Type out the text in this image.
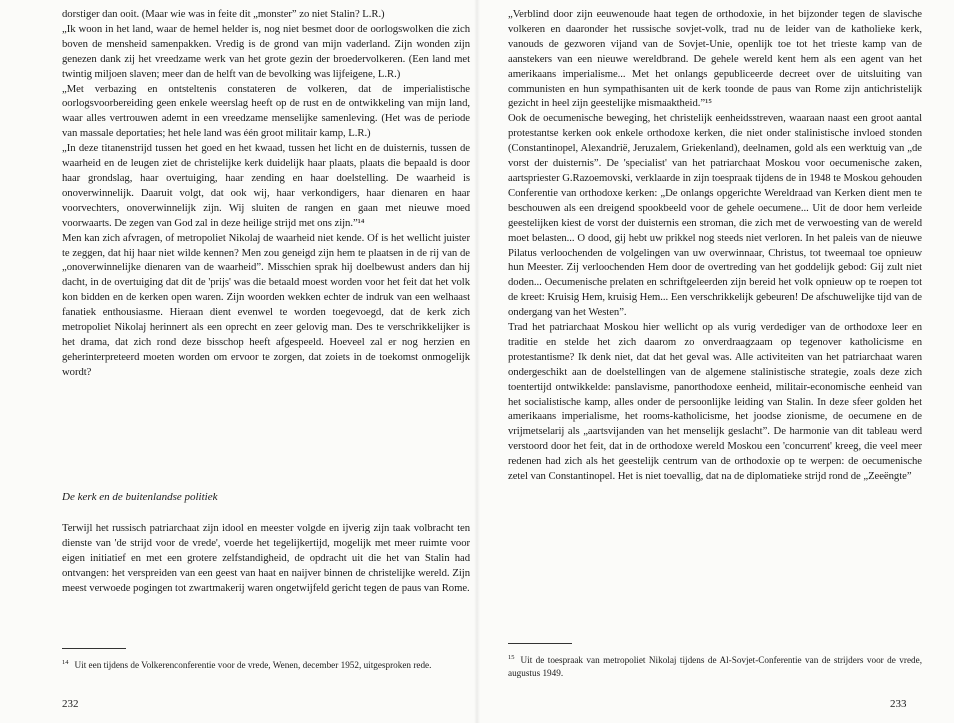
dorstiger dan ooit. (Maar wie was in feite dit „monster” zo niet Stalin? L.R.)

„Ik woon in het land, waar de hemel helder is, nog niet besmet door de oorlogswolken die zich boven de mensheid samenpakken. Vredig is de grond van mijn vaderland. Zijn wonden zijn genezen dank zij het vreedzame werk van het grote gezin der broedervolkeren. (Een land met twintig miljoen slaven; meer dan de helft van de bevolking was lijfeigene, L.R.)

„Met verbazing en ontsteltenis constateren de volkeren, dat de imperialistische oorlogsvoorbereiding geen enkele weerslag heeft op de rust en de ontwikkeling van mijn land, waar alles vertrouwen ademt in een vreedzame menselijke samenleving. (Het was de periode van massale deportaties; het hele land was één groot militair kamp, L.R.)

„In deze titanenstrijd tussen het goed en het kwaad, tussen het licht en de duisternis, tussen de waarheid en de leugen ziet de christelijke kerk duidelijk haar plaats, plaats die bepaald is door haar grondslag, haar overtuiging, haar zending en haar doelstelling. De waarheid is onoverwinnelijk. Daaruit volgt, dat ook wij, haar verkondigers, haar dienaren en haar voorvechters, onoverwinnelijk zijn. Wij sluiten de rangen en gaan met nieuwe moed voorwaarts. De zegen van God zal in deze heilige strijd met ons zijn.”¹⁴

Men kan zich afvragen, of metropoliet Nikolaj de waarheid niet kende. Of is het wellicht juister te zeggen, dat hij haar niet wilde kennen? Men zou geneigd zijn hem te plaatsen in de rij van de „onoverwinnelijke dienaren van de waarheid”. Misschien sprak hij doelbewust anders dan hij dacht, in de overtuiging dat dit de 'prijs' was die betaald moest worden voor het feit dat het volk kon bidden en de kerken open waren. Zijn woorden wekken echter de indruk van een welhaast fanatiek enthousiasme. Hieraan dient evenwel te worden toegevoegd, dat de kerk zich metropoliet Nikolaj herinnert als een oprecht en zeer gelovig man. Des te verschrikkelijker is het drama, dat zich rond deze bisschop heeft afgespeeld. Hoeveel zal er nog herzien en geherinterpreteerd moeten worden om ervoor te zorgen, dat zoiets in de toekomst onmogelijk wordt?

De kerk en de buitenlandse politiek

Terwijl het russisch patriarchaat zijn idool en meester volgde en ijverig zijn taak volbracht ten dienste van 'de strijd voor de vrede', voerde het tegelijkertijd, mogelijk met meer ruimte voor eigen initiatief en met een grotere zelfstandigheid, de opdracht uit die het van Stalin had ontvangen: het verspreiden van een geest van haat en naijver binnen de christelijke wereld. Zijn meest verwoede pogingen tot zwartmakerij waren ongetwijfeld gericht tegen de paus van Rome.

$^{14}$ Uit een tijdens de Volkerenconferentie voor de vrede, Wenen, december 1952, uitgesproken rede.
232

„Verblind door zijn eeuwenoude haat tegen de orthodoxie, in het bijzonder tegen de slavische volkeren en daaronder het russische sovjet-volk, trad nu de leider van de katholieke kerk, vanouds de gezworen vijand van de Sovjet-Unie, openlijk toe tot het trieste kamp van de aanstekers van een nieuwe wereldbrand. De gehele wereld kent hem als een agent van het amerikaans imperialisme... Met het onlangs gepubliceerde decreet over de uitsluiting van communisten en hun sympathisanten uit de kerk toonde de paus van Rome zijn antichristelijk gezicht in heel zijn geestelijke mismaaktheid.”¹⁵

Ook de oecumenische beweging, het christelijk eenheidsstreven, waaraan naast een groot aantal protestantse kerken ook enkele orthodoxe kerken, die niet onder stalinistische invloed stonden (Constantinopel, Alexandrië, Jeruzalem, Griekenland), deelnamen, gold als een werktuig van „de vorst der duisternis”. De 'specialist' van het patriarchaat Moskou voor oecumenische zaken, aartspriester G.Razoemovski, verklaarde in zijn toespraak tijdens de in 1948 te Moskou gehouden Conferentie van orthodoxe kerken: „De onlangs opgerichte Wereldraad van Kerken dient men te beschouwen als een dreigend spookbeeld voor de gehele oecumene... Uit de door hem verleide geestelijken kiest de vorst der duisternis een stroman, die zich met de verwoesting van de wereld moet belasten... O dood, gij hebt uw prikkel nog steeds niet verloren. In het paleis van de nieuwe Pilatus verloochenden de volgelingen van uw overwinnaar, Christus, tot tweemaal toe opnieuw hun Meester. Zij verloochenden Hem door de overtreding van het goddelijk gebod: Gij zult niet doden... Oecumenische prelaten en schriftgeleerden zijn bereid het volk opnieuw op te roepen tot de kreet: Kruisig Hem, kruisig Hem... Een verschrikkelijk gebeuren! De afschuwelijke tijd van de ondergang van het Westen”.

Trad het patriarchaat Moskou hier wellicht op als vurig verdediger van de orthodoxe leer en traditie en stelde het zich daarom zo onverdraagzaam op tegenover katholicisme en protestantisme? Ik denk niet, dat dat het geval was. Alle activiteiten van het patriarchaat waren ondergeschikt aan de doelstellingen van de algemene stalinistische strategie, zoals deze zich toentertijd ontwikkelde: panslavisme, panorthodoxe eenheid, militair-economische eenheid van het socialistische kamp, alles onder de persoonlijke leiding van Stalin. In deze sfeer golden het amerikaans imperialisme, het rooms-katholicisme, het joodse zionisme, de oecumene en de vrijmetselarij als „aartsvijanden van het menselijk geslacht”. De harmonie van dit tableau werd verstoord door het feit, dat in de orthodoxe wereld Moskou een 'concurrent' kreeg, die veel meer redenen had zich als het geestelijk centrum van de orthodoxie op te werpen: de oecumenische zetel van Constantinopel. Het is niet toevallig, dat na de diplomatieke strijd rond de „Zeeëngte”

$^{15}$ Uit de toespraak van metropoliet Nikolaj tijdens de Al-Sovjet-Conferentie van de strijders voor de vrede, augustus 1949.
233
